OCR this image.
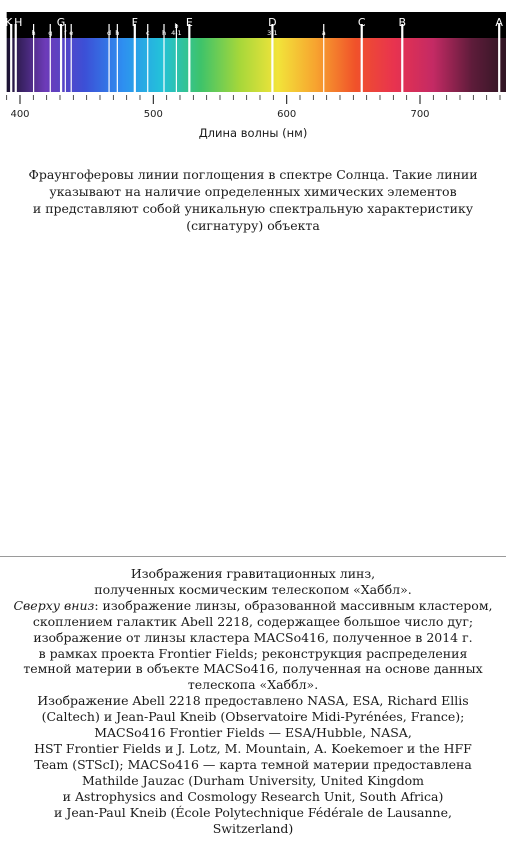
K H
h g
G
f e	d h
F
c h
b
4-1
E	D
3-1	a
C	B	A
400	500	600	700

Длина волны (нм)

Фраунгоферовы линии поглощения в спектре Солнца. Такие линии
указывают на наличие определенных химических элементов
и представляют собой уникальную спектральную характеристику
(сигнатуру) объекта
Изображения гравитационных линз,
полученных космическим телескопом «Хаббл».
Сверху вниз: изображение линзы, образованной массивным кластером,
скоплением галактик Abell 2218, содержащее большое число дуг;
изображение от линзы кластера MACSo416, полученное в 2014 г.
в рамках проекта Frontier Fields; реконструкция распределения
темной материи в объекте MACSo416, полученная на основе данных
телескопа «Хаббл».
Изображение Abell 2218 предоставлено NASA, ESA, Richard Ellis
(Caltech) и Jean-Paul Kneib (Observatoire Midi-Pyrénées, France);
MACSo416 Frontier Fields — ESA/Hubble, NASA,
HST Frontier Fields и J. Lotz, M. Mountain, A. Koekemoer и the HFF
Team (STScI); MACSo416 — карта темной материи предоставлена
Mathilde Jauzac (Durham University, United Kingdom
и Astrophysics and Cosmology Research Unit, South Africa)
и Jean-Paul Kneib (École Polytechnique Fédérale de Lausanne,
Switzerland)
